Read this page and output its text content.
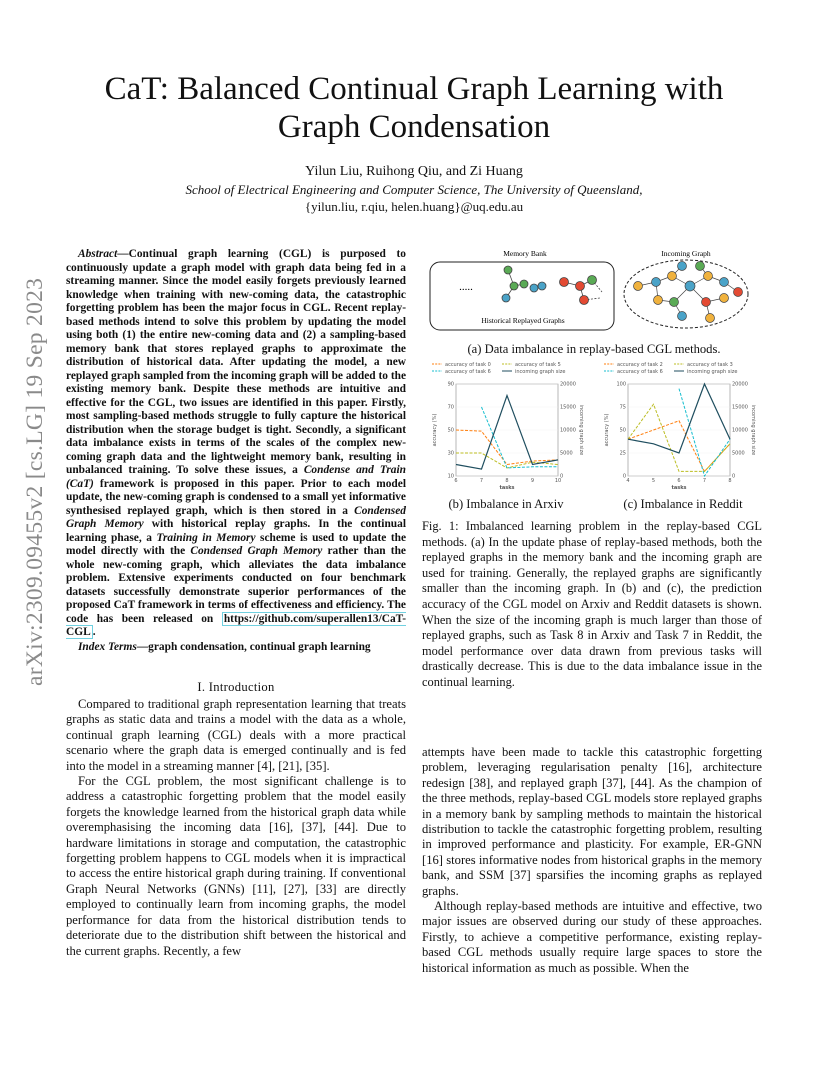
arXiv:2309.09455v2 [cs.LG] 19 Sep 2023
CaT: Balanced Continual Graph Learning with
Graph Condensation
Yilun Liu, Ruihong Qiu, and Zi Huang
School of Electrical Engineering and Computer Science, The University of Queensland,
{yilun.liu, r.qiu, helen.huang}@uq.edu.au
Abstract—Continual graph learning (CGL) is purposed to continuously update a graph model with graph data being fed in a streaming manner. Since the model easily forgets previously learned knowledge when training with new-coming data, the catastrophic forgetting problem has been the major focus in CGL. Recent replay-based methods intend to solve this problem by updating the model using both (1) the entire new-coming data and (2) a sampling-based memory bank that stores replayed graphs to approximate the distribution of historical data. After updating the model, a new replayed graph sampled from the incoming graph will be added to the existing memory bank. Despite these methods are intuitive and effective for the CGL, two issues are identified in this paper. Firstly, most sampling-based methods struggle to fully capture the historical distribution when the storage budget is tight. Secondly, a significant data imbalance exists in terms of the scales of the complex new-coming graph data and the lightweight memory bank, resulting in unbalanced training. To solve these issues, a Condense and Train (CaT) framework is proposed in this paper. Prior to each model update, the new-coming graph is condensed to a small yet informative synthesised replayed graph, which is then stored in a Condensed Graph Memory with historical replay graphs. In the continual learning phase, a Training in Memory scheme is used to update the model directly with the Condensed Graph Memory rather than the whole new-coming graph, which alleviates the data imbalance problem. Extensive experiments conducted on four benchmark datasets successfully demonstrate superior performances of the proposed CaT framework in terms of effectiveness and efficiency. The code has been released on https://github.com/superallen13/CaT-CGL .
Index Terms—graph condensation, continual graph learning
I. Introduction

Compared to traditional graph representation learning that treats graphs as static data and trains a model with the data as a whole, continual graph learning (CGL) deals with a more practical scenario where the graph data is emerged continually and is fed into the model in a streaming manner [4], [21], [35].

For the CGL problem, the most significant challenge is to address a catastrophic forgetting problem that the model easily forgets the knowledge learned from the historical graph data while overemphasising the incoming data [16], [37], [44]. Due to hardware limitations in storage and computation, the catastrophic forgetting problem happens to CGL models when it is impractical to access the entire historical graph during training. If conventional Graph Neural Networks (GNNs) [11], [27], [33] are directly employed to continually learn from incoming graphs, the model performance for data from the historical distribution tends to deteriorate due to the distribution shift between the historical and the current graphs. Recently, a few

Memory Bank	Incoming Graph
.....
Historical Replayed Graphs
(a) Data imbalance in replay-based CGL methods.
accuracy of task 0	accuracy of task 5
accuracy of task 6	incoming graph size
10
30
50
70
90
0
5000
10000
15000
20000
6	7	8	9	10
tasks
accuracy (%)	incoming graph size
accuracy of task 2	accuracy of task 3
accuracy of task 6	incoming graph size
0
25
50
75
100
0
5000
10000
15000
20000
4	5	6	7	8
tasks
accuracy (%)	incoming graph size
(b) Imbalance in Arxiv	(c) Imbalance in Reddit
Fig. 1: Imbalanced learning problem in the replay-based CGL methods. (a) In the update phase of replay-based methods, both the replayed graphs in the memory bank and the incoming graph are used for training. Generally, the replayed graphs are significantly smaller than the incoming graph. In (b) and (c), the prediction accuracy of the CGL model on Arxiv and Reddit datasets is shown. When the size of the incoming graph is much larger than those of replayed graphs, such as Task 8 in Arxiv and Task 7 in Reddit, the model performance over data drawn from previous tasks will drastically decrease. This is due to the data imbalance issue in the continual learning.

attempts have been made to tackle this catastrophic forgetting problem, leveraging regularisation penalty [16], architecture redesign [38], and replayed graph [37], [44]. As the champion of the three methods, replay-based CGL models store replayed graphs in a memory bank by sampling methods to maintain the historical distribution to tackle the catastrophic forgetting problem, resulting in improved performance and plasticity. For example, ER-GNN [16] stores informative nodes from historical graphs in the memory bank, and SSM [37] sparsifies the incoming graphs as replayed graphs.

Although replay-based methods are intuitive and effective, two major issues are observed during our study of these approaches. Firstly, to achieve a competitive performance, existing replay-based CGL methods usually require large spaces to store the historical information as much as possible. When the
